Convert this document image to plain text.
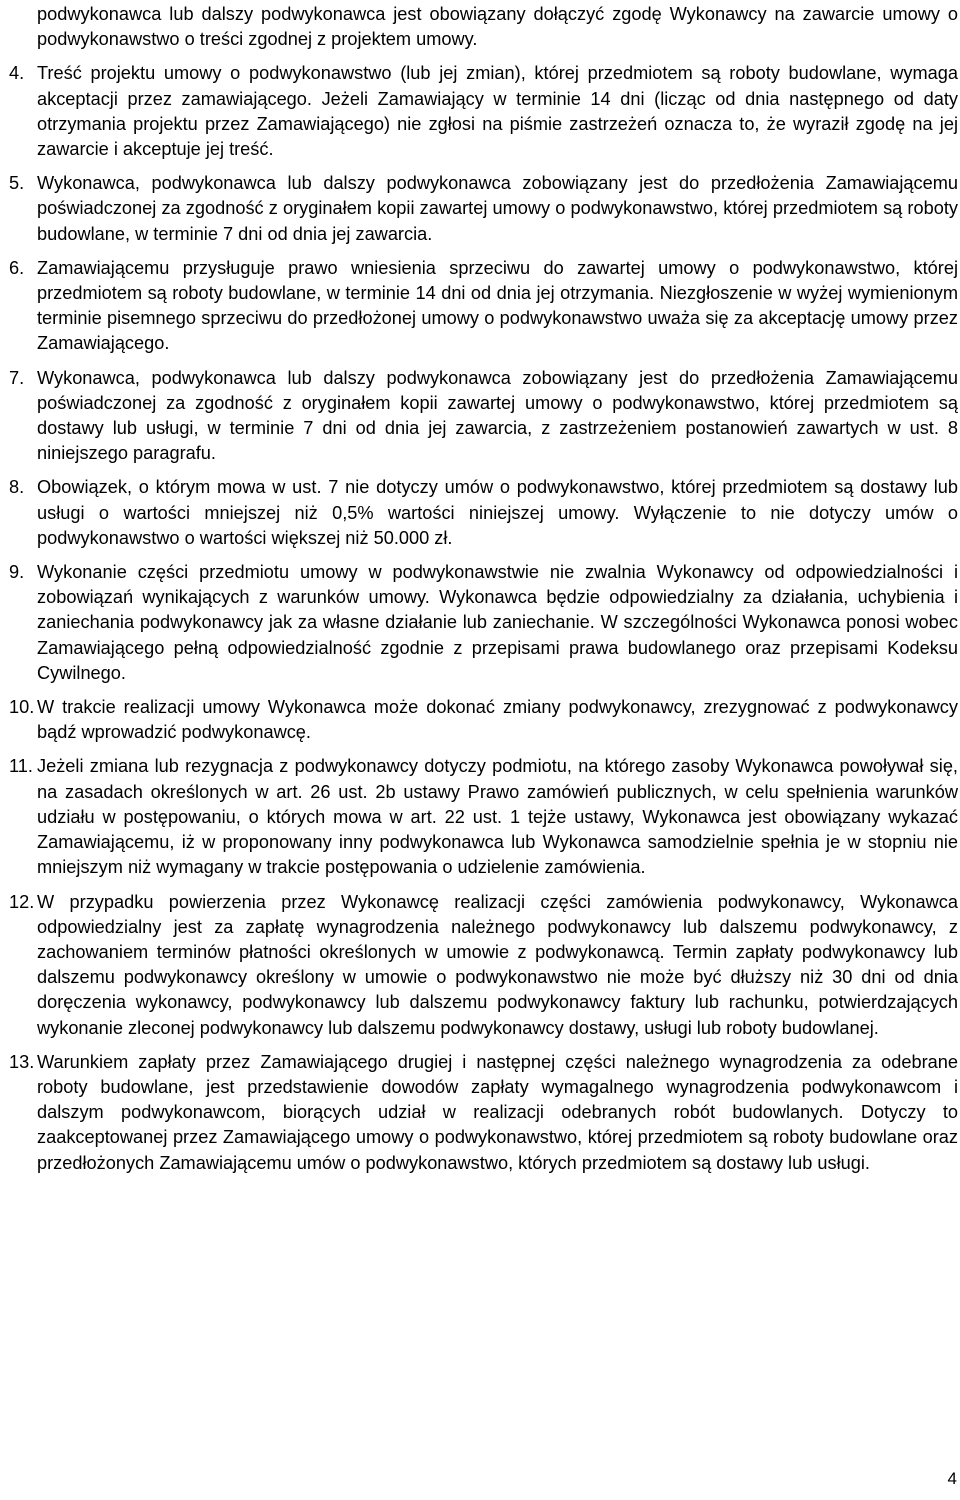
podwykonawca lub dalszy podwykonawca jest obowiązany dołączyć zgodę Wykonawcy na zawarcie umowy o podwykonawstwo o treści zgodnej z projektem umowy.

4. Treść projektu umowy o podwykonawstwo (lub jej zmian), której przedmiotem są roboty budowlane, wymaga akceptacji przez zamawiającego. Jeżeli Zamawiający w terminie 14 dni (licząc od dnia następnego od daty otrzymania projektu przez Zamawiającego) nie zgłosi na piśmie zastrzeżeń oznacza to, że wyraził zgodę na jej zawarcie i akceptuje jej treść.
5. Wykonawca, podwykonawca lub dalszy podwykonawca zobowiązany jest do przedłożenia Zamawiającemu poświadczonej za zgodność z oryginałem kopii zawartej umowy o podwykonawstwo, której przedmiotem są roboty budowlane, w terminie 7 dni od dnia jej zawarcia.
6. Zamawiającemu przysługuje prawo wniesienia sprzeciwu do zawartej umowy o podwykonawstwo, której przedmiotem są roboty budowlane, w terminie 14 dni od dnia jej otrzymania. Niezgłoszenie w wyżej wymienionym terminie pisemnego sprzeciwu do przedłożonej umowy o podwykonawstwo uważa się za akceptację umowy przez Zamawiającego.
7. Wykonawca, podwykonawca lub dalszy podwykonawca zobowiązany jest do przedłożenia Zamawiającemu poświadczonej za zgodność z oryginałem kopii zawartej umowy o podwykonawstwo, której przedmiotem są dostawy lub usługi, w terminie 7 dni od dnia jej zawarcia, z zastrzeżeniem postanowień zawartych w ust. 8 niniejszego paragrafu.
8. Obowiązek, o którym mowa w ust. 7 nie dotyczy umów o podwykonawstwo, której przedmiotem są dostawy lub usługi o wartości mniejszej niż 0,5% wartości niniejszej umowy. Wyłączenie to nie dotyczy umów o podwykonawstwo o wartości większej niż 50.000 zł.
9. Wykonanie części przedmiotu umowy w podwykonawstwie nie zwalnia Wykonawcy od odpowiedzialności i zobowiązań wynikających z warunków umowy. Wykonawca będzie odpowiedzialny za działania, uchybienia i zaniechania podwykonawcy jak za własne działanie lub zaniechanie. W szczególności Wykonawca ponosi wobec Zamawiającego pełną odpowiedzialność zgodnie z przepisami prawa budowlanego oraz przepisami Kodeksu Cywilnego.
10. W trakcie realizacji umowy Wykonawca może dokonać zmiany podwykonawcy, zrezygnować z podwykonawcy bądź wprowadzić podwykonawcę.
11. Jeżeli zmiana lub rezygnacja z podwykonawcy dotyczy podmiotu, na którego zasoby Wykonawca powoływał się, na zasadach określonych w art. 26 ust. 2b ustawy Prawo zamówień publicznych, w celu spełnienia warunków udziału w postępowaniu, o których mowa w art. 22 ust. 1 tejże ustawy, Wykonawca jest obowiązany wykazać Zamawiającemu, iż w proponowany inny podwykonawca lub Wykonawca samodzielnie spełnia je w stopniu nie mniejszym niż wymagany w trakcie postępowania o udzielenie zamówienia.
12. W przypadku powierzenia przez Wykonawcę realizacji części zamówienia podwykonawcy, Wykonawca odpowiedzialny jest za zapłatę wynagrodzenia należnego podwykonawcy lub dalszemu podwykonawcy, z zachowaniem terminów płatności określonych w umowie z podwykonawcą. Termin zapłaty podwykonawcy lub dalszemu podwykonawcy określony w umowie o podwykonawstwo nie może być dłuższy niż 30 dni od dnia doręczenia wykonawcy, podwykonawcy lub dalszemu podwykonawcy faktury lub rachunku, potwierdzających wykonanie zleconej podwykonawcy lub dalszemu podwykonawcy dostawy, usługi lub roboty budowlanej.
13. Warunkiem zapłaty przez Zamawiającego drugiej i następnej części należnego wynagrodzenia za odebrane roboty budowlane, jest przedstawienie dowodów zapłaty wymagalnego wynagrodzenia podwykonawcom i dalszym podwykonawcom, biorących udział w realizacji odebranych robót budowlanych. Dotyczy to zaakceptowanej przez Zamawiającego umowy o podwykonawstwo, której przedmiotem są roboty budowlane oraz przedłożonych Zamawiającemu umów o podwykonawstwo, których przedmiotem są dostawy lub usługi.
4
